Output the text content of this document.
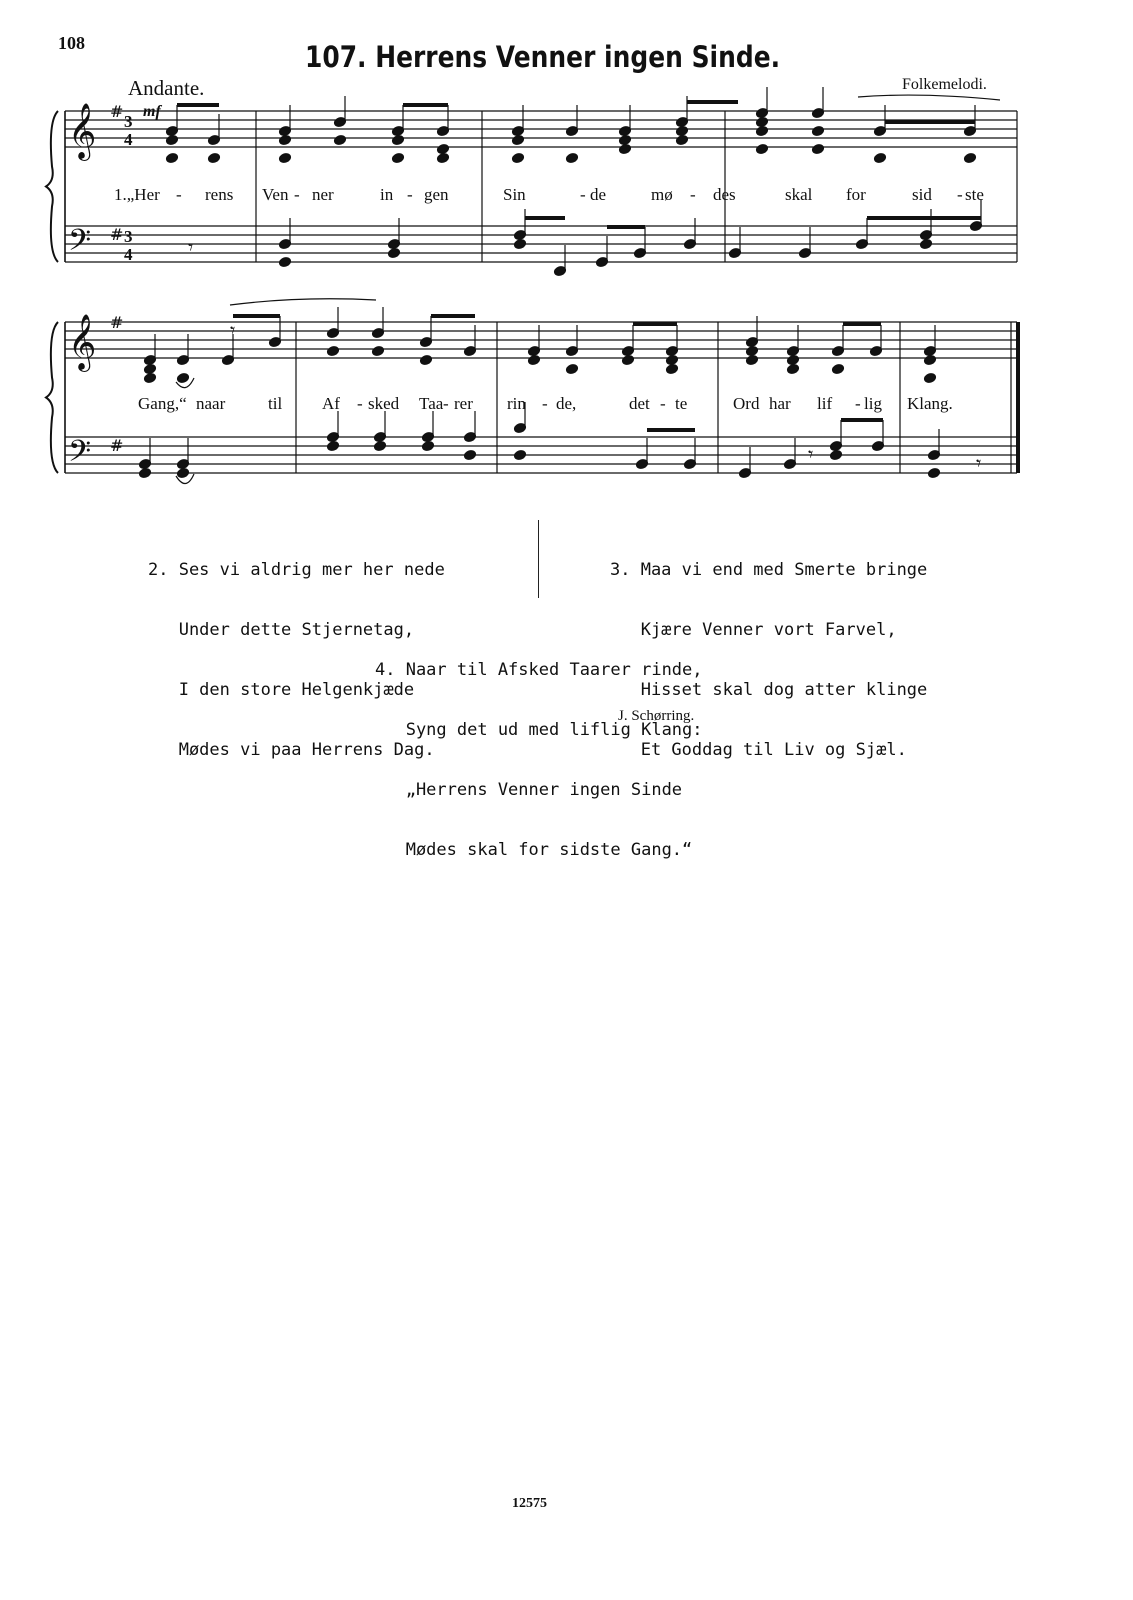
108	107. Herrens Venner ingen Sinde.
Andante.	Folkemelodi.
mf
𝄞
𝄢
#
#
3
4
3
4
𝄞
𝄢
#
#
𝄾
𝄾	𝄾
𝄾
1.„Her - rens Ven - ner	in - gen	Sin	- de	mø - des	skal for	sid - ste
Gang,“ naar	til Af - sked Taa - rer rin - de,	det - te	Ord har lif - lig Klang.

2. Ses vi aldrig mer her nede

Under dette Stjernetag,

I den store Helgenkjæde

Mødes vi paa Herrens Dag.

3. Maa vi end med Smerte bringe

Kjære Venner vort Farvel,

Hisset skal dog atter klinge

Et Goddag til Liv og Sjæl.

4. Naar til Afsked Taarer rinde,

Syng det ud med liflig Klang:

„Herrens Venner ingen Sinde

Mødes skal for sidste Gang.“

J. Schørring.
12575
